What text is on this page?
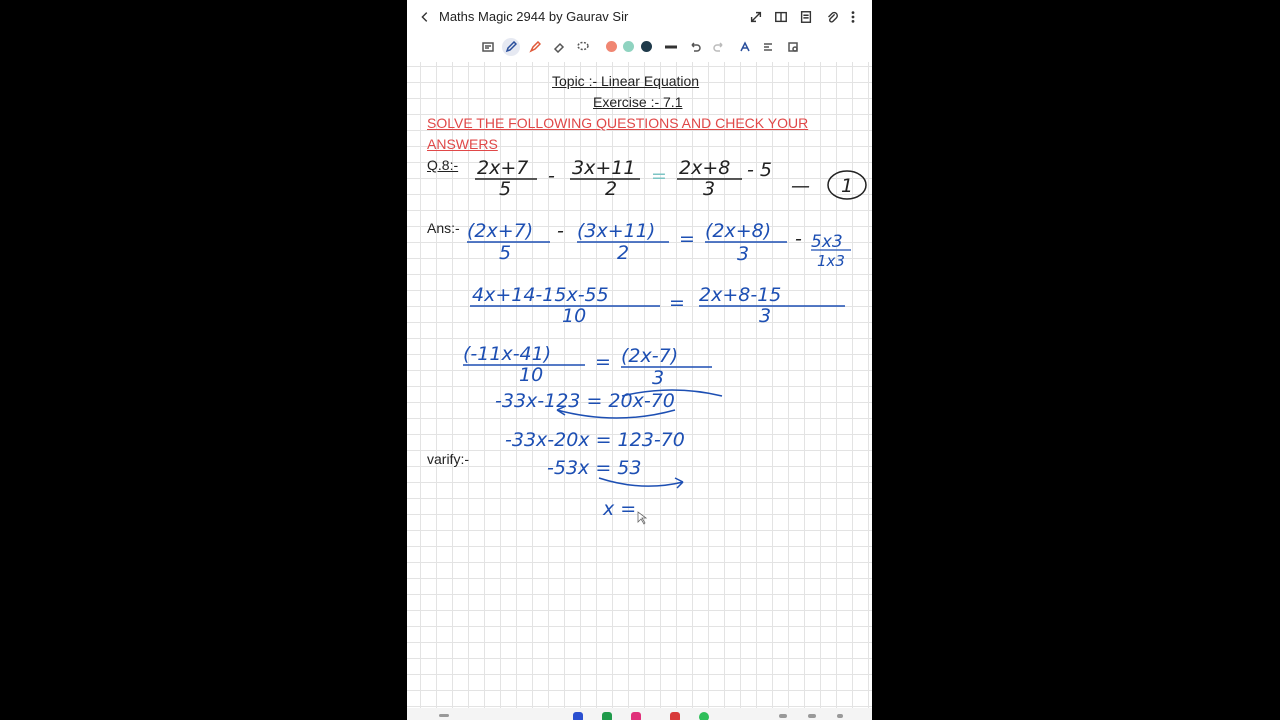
Maths Magic 2944 by Gaurav Sir
Topic :- Linear Equation
Exercise :- 7.1
SOLVE THE FOLLOWING QUESTIONS AND CHECK YOUR
ANSWERS
Q.8:-
Ans:-
varify:-
2x+7
5
- 3x+11
2
= 2x+8
3
- 5
— 1
(2x+7)
5
- (3x+11)
2
= (2x+8)
3
- 5x3
1x3
4x+14-15x-55
10
= 2x+8-15
3
(-11x-41)
10
= (2x-7)
3
-33x-123 = 20x-70
-33x-20x = 123-70
-53x = 53
x =
